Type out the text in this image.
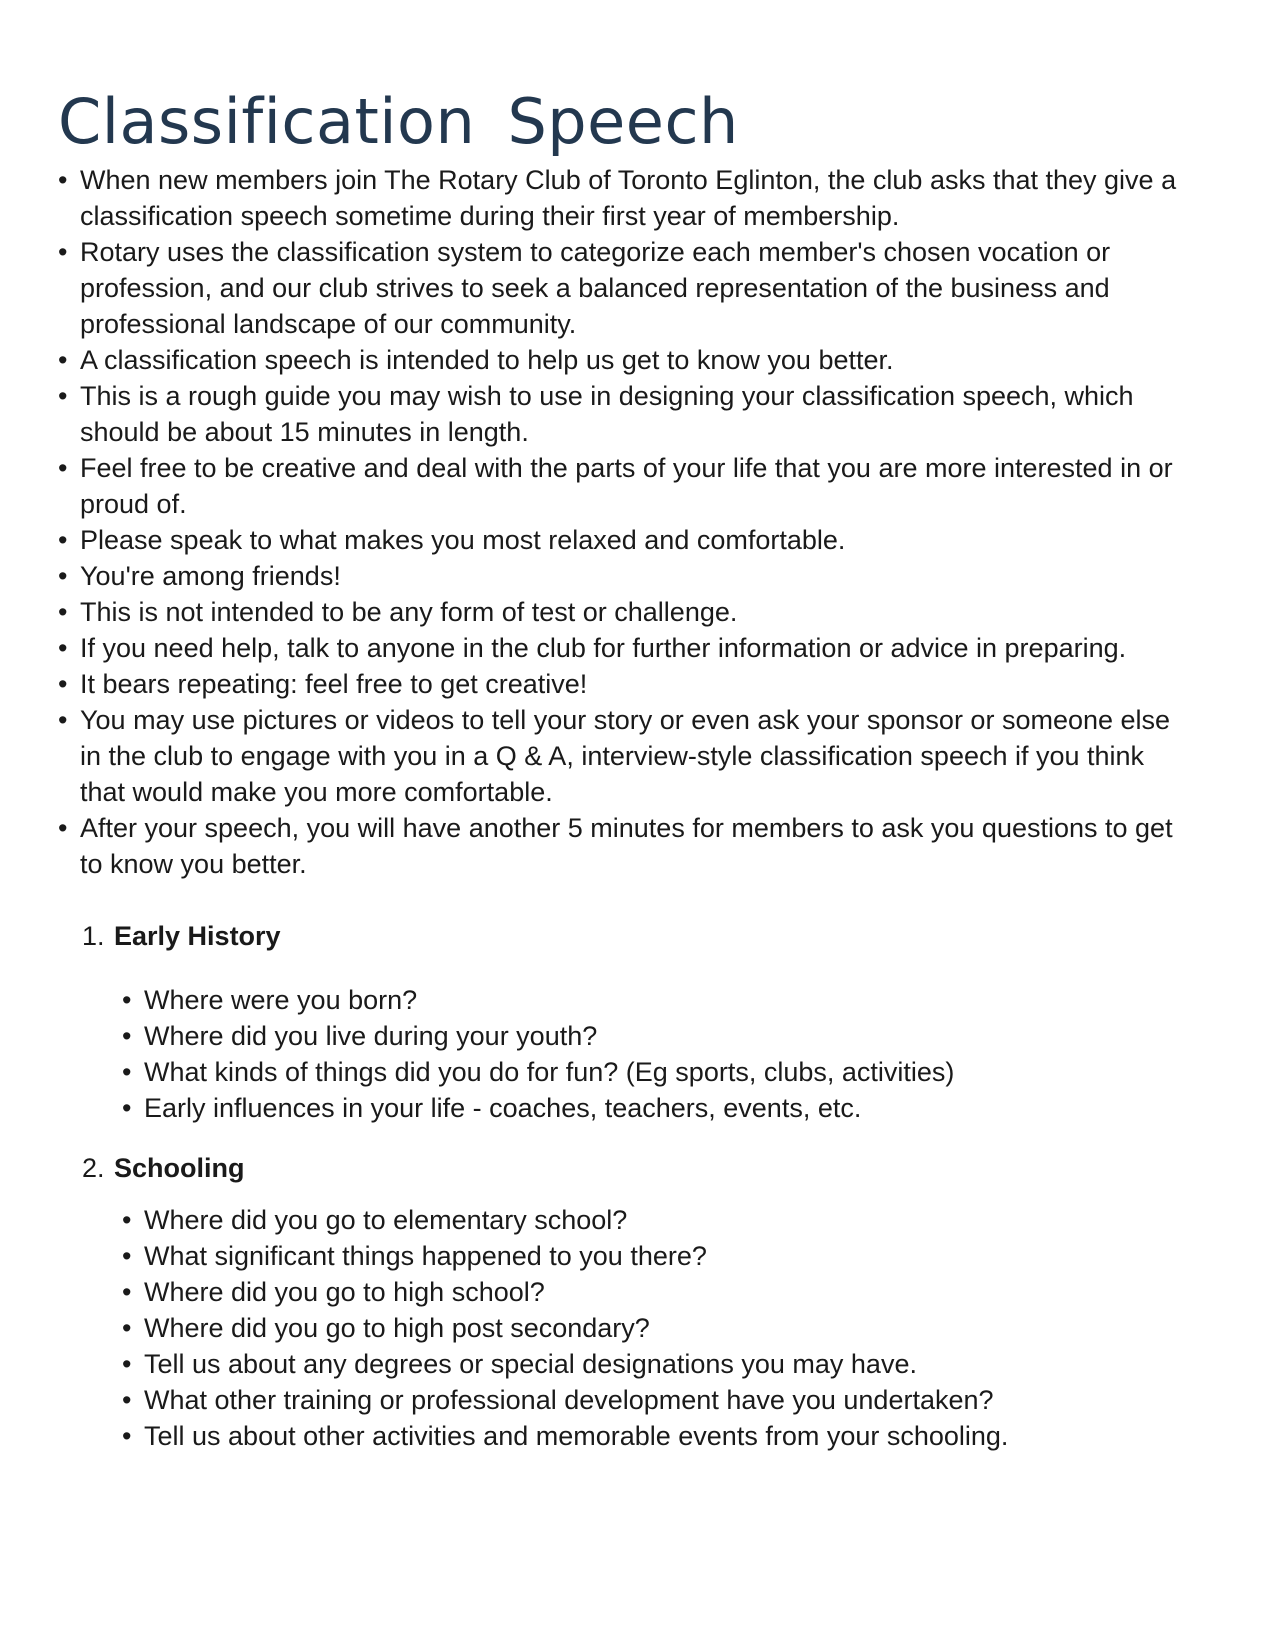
Classification Speech
• When new members join The Rotary Club of Toronto Eglinton, the club asks that they give a classification speech sometime during their first year of membership.
• Rotary uses the classification system to categorize each member's chosen vocation or profession, and our club strives to seek a balanced representation of the business and professional landscape of our community.
• A classification speech is intended to help us get to know you better.
• This is a rough guide you may wish to use in designing your classification speech, which should be about 15 minutes in length.
• Feel free to be creative and deal with the parts of your life that you are more interested in or proud of.
• Please speak to what makes you most relaxed and comfortable.
• You're among friends!
• This is not intended to be any form of test or challenge.
• If you need help, talk to anyone in the club for further information or advice in preparing.
• It bears repeating: feel free to get creative!
• You may use pictures or videos to tell your story or even ask your sponsor or someone else in the club to engage with you in a Q & A, interview-style classification speech if you think that would make you more comfortable.
• After your speech, you will have another 5 minutes for members to ask you questions to get to know you better.
1. Early History
• Where were you born?
• Where did you live during your youth?
• What kinds of things did you do for fun? (Eg sports, clubs, activities)
• Early influences in your life - coaches, teachers, events, etc.
2. Schooling
• Where did you go to elementary school?
• What significant things happened to you there?
• Where did you go to high school?
• Where did you go to high post secondary?
• Tell us about any degrees or special designations you may have.
• What other training or professional development have you undertaken?
• Tell us about other activities and memorable events from your schooling.
